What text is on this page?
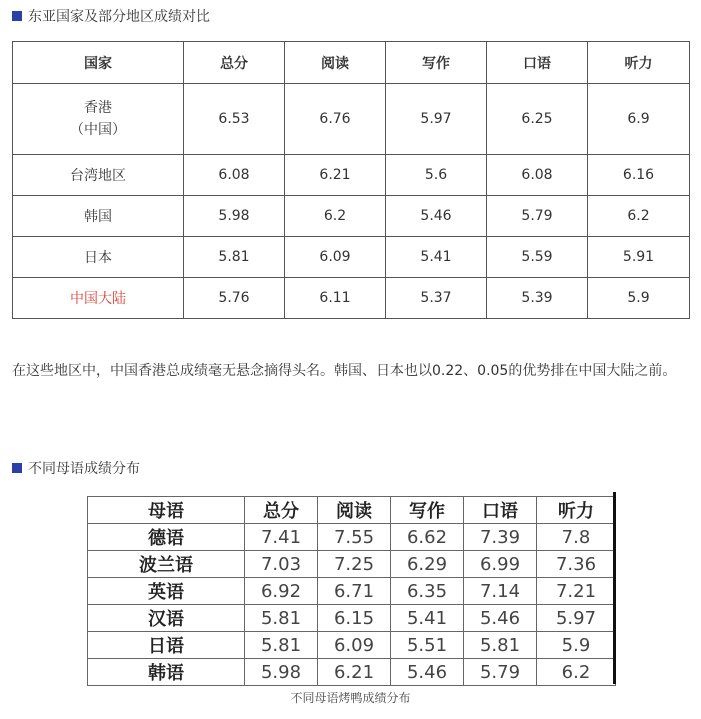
东亚国家及部分地区成绩对比
国家	总分	阅读	写作	口语	听力

香港
（中国）	6.53	6.76	5.97	6.25	6.9
台湾地区	6.08	6.21	5.6	6.08	6.16
韩国	5.98	6.2	5.46	5.79	6.2
日本	5.81	6.09	5.41	5.59	5.91
中国大陆	5.76	6.11	5.37	5.39	5.9
在这些地区中，中国香港总成绩毫无悬念摘得头名。韩国、日本也以0.22、0.05的优势排在中国大陆之前。
不同母语成绩分布
母语	总分	阅读	写作	口语	听力
德语	7.41	7.55	6.62	7.39	7.8
波兰语	7.03	7.25	6.29	6.99	7.36
英语	6.92	6.71	6.35	7.14	7.21
汉语	5.81	6.15	5.41	5.46	5.97
日语	5.81	6.09	5.51	5.81	5.9
韩语	5.98	6.21	5.46	5.79	6.2
不同母语烤鸭成绩分布
